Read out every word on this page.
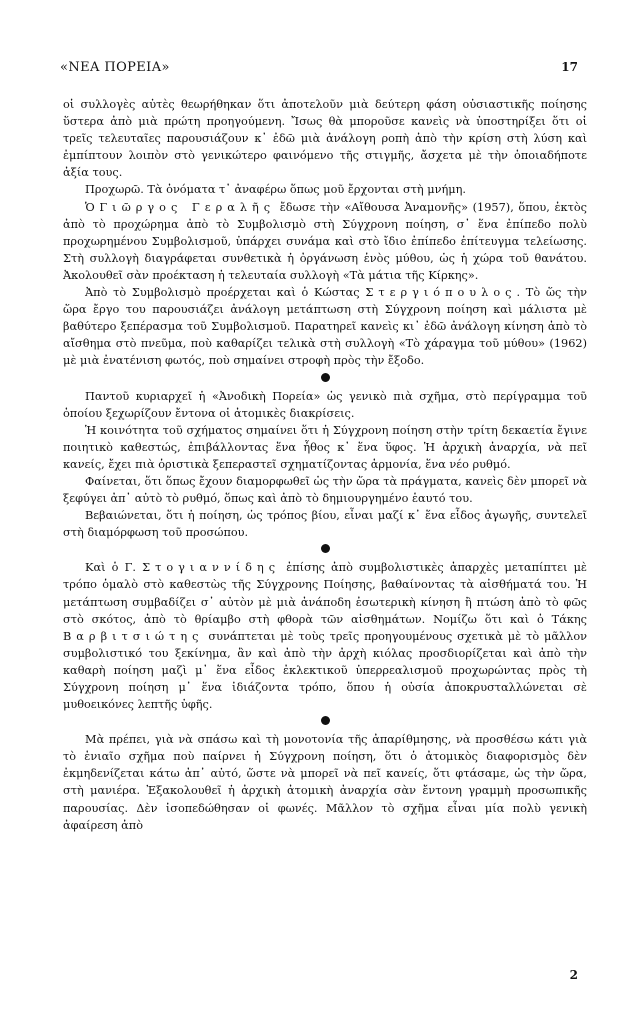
«ΝΕΑ ΠΟΡΕΙΑ»	17

οἱ συλλογὲς αὐτὲς θεωρήθηκαν ὅτι ἀποτελοῦν μιὰ δεύτερη φάση οὐσιαστικῆς ποίησης ὕστερα ἀπὸ μιὰ πρώτη προηγούμενη. Ἴσως θὰ μποροῦσε κανεὶς νὰ ὑποστηρίξει ὅτι οἱ τρεῖς τελευταῖες παρουσιάζουν κ᾽ ἐδῶ μιὰ ἀνάλογη ροπὴ ἀπὸ τὴν κρίση στὴ λύση καὶ ἐμπίπτουν λοιπὸν στὸ γενικώτερο φαινόμενο τῆς στιγμῆς, ἄσχετα μὲ τὴν ὁποιαδήποτε ἀξία τους.

Προχωρῶ. Τὰ ὀνόματα τ᾽ ἀναφέρω ὅπως μοῦ ἔρχονται στὴ μνήμη.

Ὁ Γιῶργος Γεραλῆς ἔδωσε τὴν «Αἴθουσα Ἀναμονῆς» (1957), ὅπου, ἐκτὸς ἀπὸ τὸ προχώρημα ἀπὸ τὸ Συμβολισμὸ στὴ Σύγχρονη ποίηση, σ᾽ ἕνα ἐπίπεδο πολὺ προχωρημένου Συμβολισμοῦ, ὑπάρχει συνάμα καὶ στὸ ἴδιο ἐπίπεδο ἐπίτευγμα τελείωσης. Στὴ συλλογὴ διαγράφεται συνθετικὰ ἡ ὀργάνωση ἑνὸς μύθου, ὡς ἡ χώρα τοῦ θανάτου. Ἀκολουθεῖ σὰν προέκταση ἡ τελευταία συλλογὴ «Τὰ μάτια τῆς Κίρκης».

Ἀπὸ τὸ Συμβολισμὸ προέρχεται καὶ ὁ Κώστας Στεργιόπουλος. Τὸ ὥς τὴν ὥρα ἔργο του παρουσιάζει ἀνάλογη μετάπτωση στὴ Σύγχρονη ποίηση καὶ μάλιστα μὲ βαθύτερο ξεπέρασμα τοῦ Συμβολισμοῦ. Παρατηρεῖ κανεὶς κι᾽ ἐδῶ ἀνάλογη κίνηση ἀπὸ τὸ αἴσθημα στὸ πνεῦμα, ποὺ καθαρίζει τελικὰ στὴ συλλογὴ «Τὸ χάραγμα τοῦ μύθου» (1962) μὲ μιὰ ἐνατένιση φωτός, ποὺ σημαίνει στροφὴ πρὸς τὴν ἔξοδο.

Παντοῦ κυριαρχεῖ ἡ «Ἀνοδικὴ Πορεία» ὡς γενικὸ πιὰ σχῆμα, στὸ περίγραμμα τοῦ ὁποίου ξεχωρίζουν ἔντονα οἱ ἀτομικὲς διακρίσεις.

Ἡ κοινότητα τοῦ σχήματος σημαίνει ὅτι ἡ Σύγχρονη ποίηση στὴν τρίτη δεκαετία ἔγινε ποιητικὸ καθεστώς, ἐπιβάλλοντας ἕνα ἦθος κ᾽ ἕνα ὕφος. Ἡ ἀρχικὴ ἀναρχία, νὰ πεῖ κανείς, ἔχει πιὰ ὁριστικὰ ξεπεραστεῖ σχηματίζοντας ἁρμονία, ἕνα νέο ρυθμό.

Φαίνεται, ὅτι ὅπως ἔχουν διαμορφωθεῖ ὡς τὴν ὥρα τὰ πράγματα, κανεὶς δὲν μπορεῖ νὰ ξεφύγει ἀπ᾽ αὐτὸ τὸ ρυθμό, ὅπως καὶ ἀπὸ τὸ δημιουργημένο ἑαυτό του.

Βεβαιώνεται, ὅτι ἡ ποίηση, ὡς τρόπος βίου, εἶναι μαζί κ᾽ ἕνα εἶδος ἀγωγῆς, συντελεῖ στὴ διαμόρφωση τοῦ προσώπου.

Καὶ ὁ Γ. Στογιαννίδης ἐπίσης ἀπὸ συμβολιστικὲς ἀπαρχὲς μεταπίπτει μὲ τρόπο ὁμαλὸ στὸ καθεστὼς τῆς Σύγχρονης Ποίησης, βαθαίνοντας τὰ αἰσθήματά του. Ἡ μετάπτωση συμβαδίζει σ᾽ αὐτὸν μὲ μιὰ ἀνάποδη ἐσωτερικὴ κίνηση ἢ πτώση ἀπὸ τὸ φῶς στὸ σκότος, ἀπὸ τὸ θρίαμβο στὴ φθορὰ τῶν αἰσθημάτων. Νομίζω ὅτι καὶ ὁ Τάκης Βαρβιτσιώτης συνάπτεται μὲ τοὺς τρεῖς προηγουμένους σχετικὰ μὲ τὸ μᾶλλον συμβολιστικό του ξεκίνημα, ἂν καὶ ἀπὸ τὴν ἀρχὴ κιόλας προσδιορίζεται καὶ ἀπὸ τὴν καθαρὴ ποίηση μαζὶ μ᾽ ἕνα εἶδος ἐκλεκτικοῦ ὑπερρεαλισμοῦ προχωρώντας πρὸς τὴ Σύγχρονη ποίηση μ᾽ ἕνα ἰδιάζοντα τρόπο, ὅπου ἡ οὐσία ἀποκρυσταλλώνεται σὲ μυθοεικόνες λεπτῆς ὑφῆς.

Μὰ πρέπει, γιὰ νὰ σπάσω καὶ τὴ μονοτονία τῆς ἀπαρίθμησης, νὰ προσθέσω κάτι γιὰ τὸ ἑνιαῖο σχῆμα ποὺ παίρνει ἡ Σύγχρονη ποίηση, ὅτι ὁ ἀτομικὸς διαφορισμὸς δὲν ἐκμηδενίζεται κάτω ἀπ᾽ αὐτό, ὥστε νὰ μπορεῖ νὰ πεῖ κανείς, ὅτι φτάσαμε, ὡς τὴν ὥρα, στὴ μανιέρα. Ἐξακολουθεῖ ἡ ἀρχικὴ ἀτομικὴ ἀναρχία σὰν ἔντονη γραμμὴ προσωπικῆς παρουσίας. Δὲν ἰσοπεδώθησαν οἱ φωνές. Μᾶλλον τὸ σχῆμα εἶναι μία πολὺ γενικὴ ἀφαίρεση ἀπὸ

2
